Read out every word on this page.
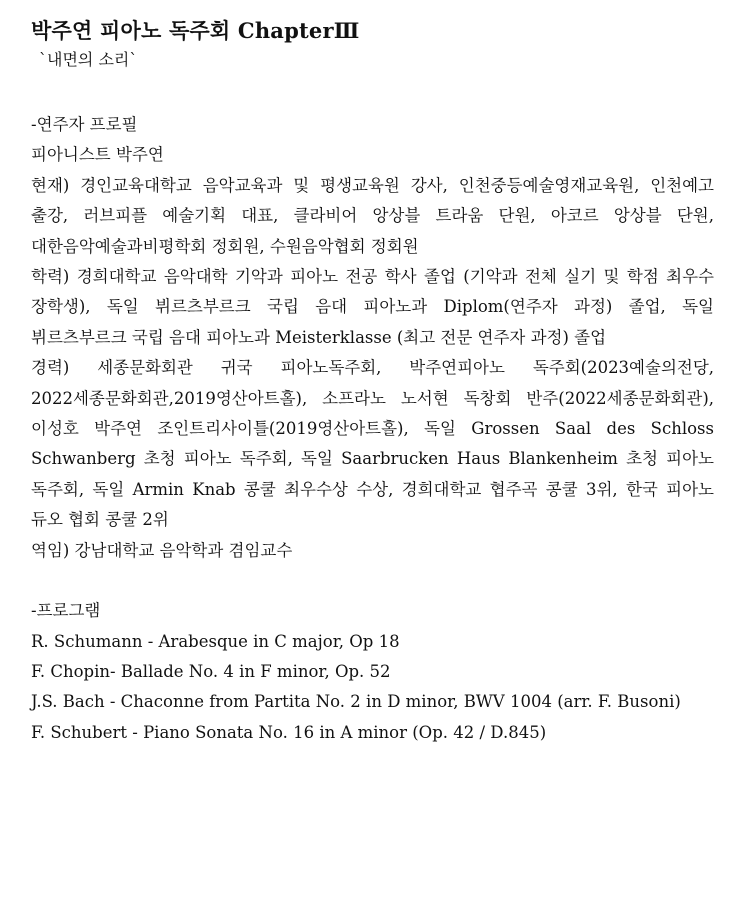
박주연 피아노 독주회 ChapterⅢ

`내면의 소리`

-연주자 프로필

피아니스트 박주연

현재) 경인교육대학교 음악교육과 및 평생교육원 강사, 인천중등예술영재교육원, 인천예고 출강, 러브피플 예술기획 대표, 클라비어 앙상블 트라움 단원, 아코르 앙상블 단원, 대한음악예술과비평학회 정회원, 수원음악협회 정회원

학력) 경희대학교 음악대학 기악과 피아노 전공 학사 졸업 (기악과 전체 실기 및 학점 최우수 장학생), 독일 뷔르츠부르크 국립 음대 피아노과 Diplom(연주자 과정) 졸업, 독일 뷔르츠부르크 국립 음대 피아노과 Meisterklasse (최고 전문 연주자 과정) 졸업

경력) 세종문화회관 귀국 피아노독주회, 박주연피아노 독주회(2023예술의전당, 2022세종문화회관,2019영산아트홀), 소프라노 노서현 독창회 반주(2022세종문화회관), 이성호 박주연 조인트리사이틀(2019영산아트홀), 독일 Grossen Saal des Schloss Schwanberg 초청 피아노 독주회, 독일 Saarbrucken Haus Blankenheim 초청 피아노 독주회, 독일 Armin Knab 콩쿨 최우수상 수상, 경희대학교 협주곡 콩쿨 3위, 한국 피아노 듀오 협회 콩쿨 2위

역임) 강남대학교 음악학과 겸임교수

-프로그램

R. Schumann - Arabesque in C major, Op 18

F. Chopin- Ballade No. 4 in F minor, Op. 52

J.S. Bach - Chaconne from Partita No. 2 in D minor, BWV 1004 (arr. F. Busoni)

F. Schubert - Piano Sonata No. 16 in A minor (Op. 42 / D.845)
